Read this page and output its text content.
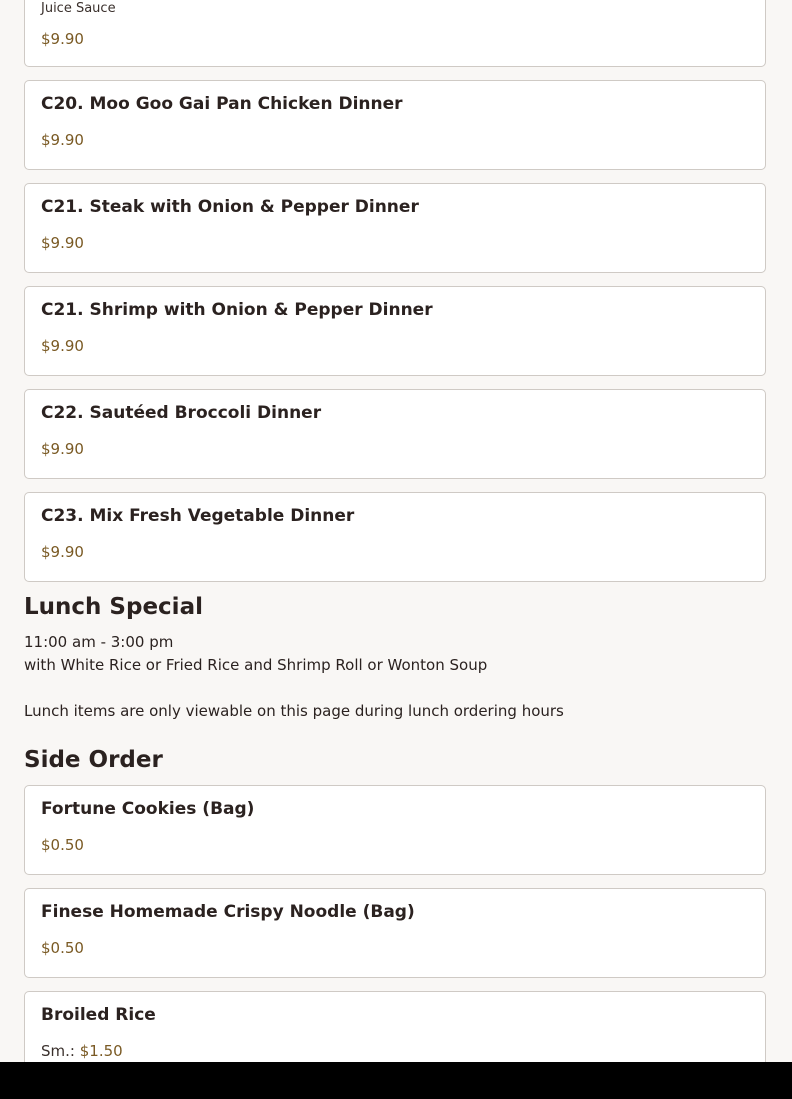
Juice Sauce
$9.90
C20. Moo Goo Gai Pan Chicken Dinner
$9.90
C21. Steak with Onion & Pepper Dinner
$9.90
C21. Shrimp with Onion & Pepper Dinner
$9.90
C22. Sautéed Broccoli Dinner
$9.90
C23. Mix Fresh Vegetable Dinner
$9.90
Lunch Special
11:00 am - 3:00 pm
with White Rice or Fried Rice and Shrimp Roll or Wonton Soup
Lunch items are only viewable on this page during lunch ordering hours
Side Order
Fortune Cookies (Bag)
$0.50
Finese Homemade Crispy Noodle (Bag)
$0.50
Broiled Rice
Sm.: $1.50
